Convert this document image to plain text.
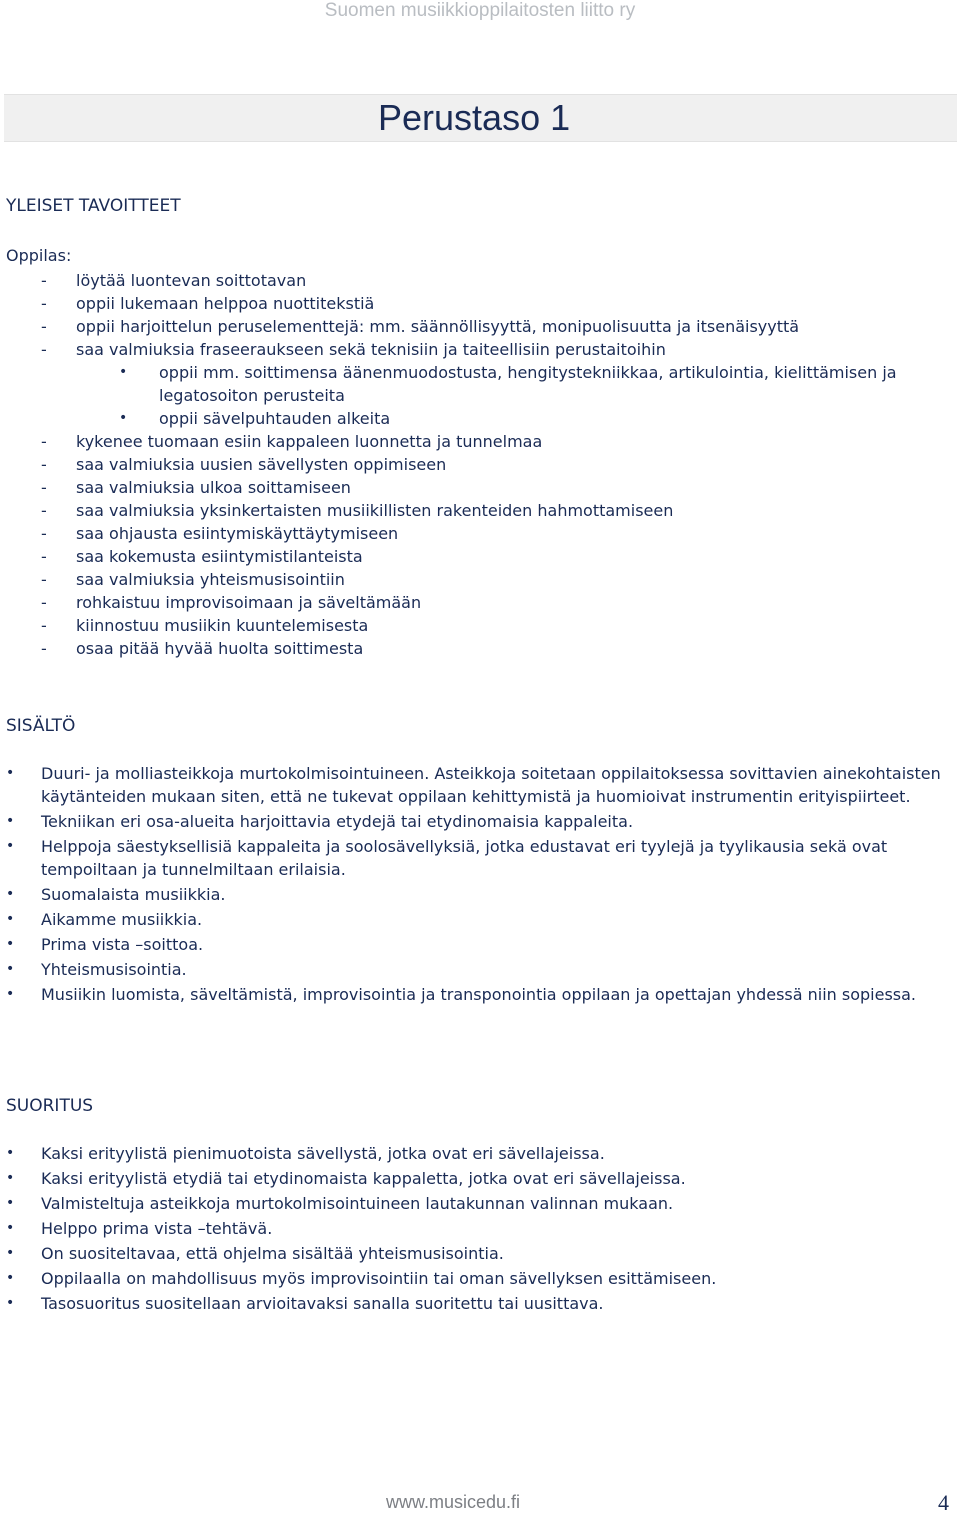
Suomen musiikkioppilaitosten liitto ry
Perustaso 1
YLEISET TAVOITTEET
Oppilas:
- löytää luontevan soittotavan
- oppii lukemaan helppoa nuottitekstiä
- oppii harjoittelun peruselementtejä: mm. säännöllisyyttä, monipuolisuutta ja itsenäisyyttä
- saa valmiuksia fraseeraukseen sekä teknisiin ja taiteellisiin perustaitoihin
• oppii mm. soittimensa äänenmuodostusta, hengitystekniikkaa, artikulointia, kielittämisen ja legatosoiton perusteita
• oppii sävelpuhtauden alkeita
- kykenee tuomaan esiin kappaleen luonnetta ja tunnelmaa
- saa valmiuksia uusien sävellysten oppimiseen
- saa valmiuksia ulkoa soittamiseen
- saa valmiuksia yksinkertaisten musiikillisten rakenteiden hahmottamiseen
- saa ohjausta esiintymiskäyttäytymiseen
- saa kokemusta esiintymistilanteista
- saa valmiuksia yhteismusisointiin
- rohkaistuu improvisoimaan ja säveltämään
- kiinnostuu musiikin kuuntelemisesta
- osaa pitää hyvää huolta soittimesta
SISÄLTÖ
• Duuri- ja molliasteikkoja murtokolmisointuineen. Asteikkoja soitetaan oppilaitoksessa sovittavien ainekohtaisten käytänteiden mukaan siten, että ne tukevat oppilaan kehittymistä ja huomioivat instrumentin erityispiirteet.
• Tekniikan eri osa-alueita harjoittavia etydejä tai etydinomaisia kappaleita.
• Helppoja säestyksellisiä kappaleita ja soolosävellyksiä, jotka edustavat eri tyylejä ja tyylikausia sekä ovat tempoiltaan ja tunnelmiltaan erilaisia.
• Suomalaista musiikkia.
• Aikamme musiikkia.
• Prima vista –soittoa.
• Yhteismusisointia.
• Musiikin luomista, säveltämistä, improvisointia ja transponointia oppilaan ja opettajan yhdessä niin sopiessa.
SUORITUS
• Kaksi erityylistä pienimuotoista sävellystä, jotka ovat eri sävellajeissa.
• Kaksi erityylistä etydiä tai etydinomaista kappaletta, jotka ovat eri sävellajeissa.
• Valmisteltuja asteikkoja murtokolmisointuineen lautakunnan valinnan mukaan.
• Helppo prima vista –tehtävä.
• On suositeltavaa, että ohjelma sisältää yhteismusisointia.
• Oppilaalla on mahdollisuus myös improvisointiin tai oman sävellyksen esittämiseen.
• Tasosuoritus suositellaan arvioitavaksi sanalla suoritettu tai uusittava.
www.musicedu.fi	4
